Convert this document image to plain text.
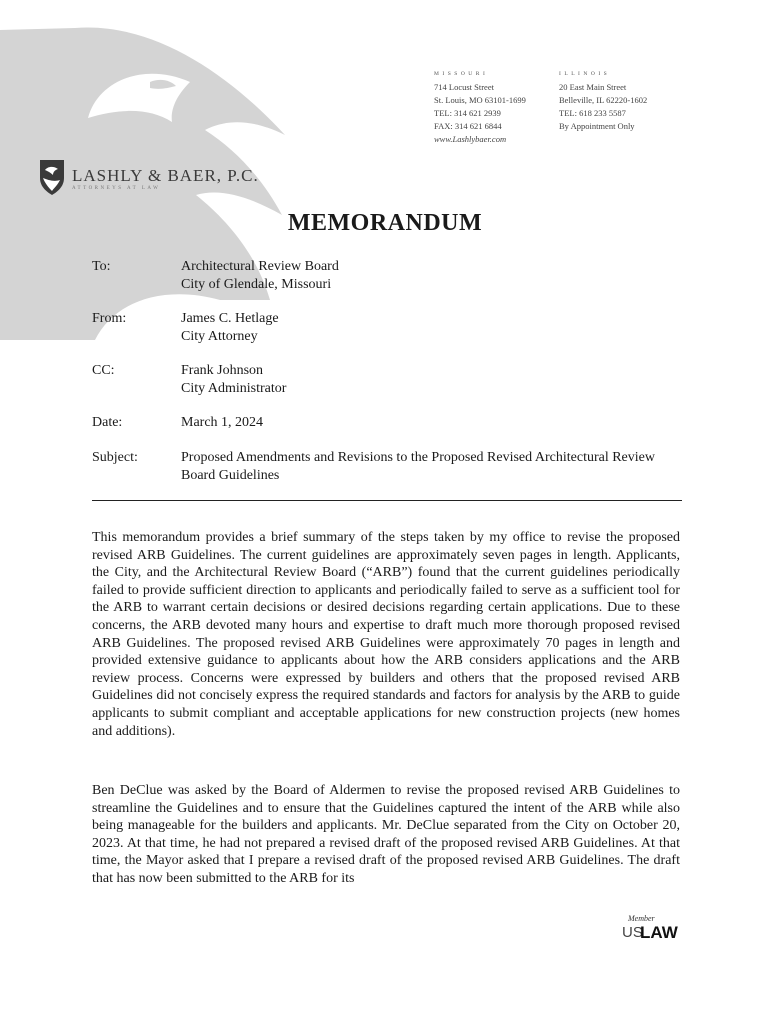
LASHLY & BAER, P.C.
ATTORNEYS AT LAW
MISSOURI
714 Locust Street
St. Louis, MO 63101-1699
TEL: 314 621 2939
FAX: 314 621 6844
www.Lashlybaer.com
ILLINOIS
20 East Main Street
Belleville, IL 62220-1602
TEL: 618 233 5587
By Appointment Only
MEMORANDUM
To:	Architectural Review Board
City of Glendale, Missouri
From:	James C. Hetlage
City Attorney
CC:	Frank Johnson
City Administrator
Date:	March 1, 2024
Subject:	Proposed Amendments and Revisions to the Proposed Revised Architectural Review Board Guidelines

This memorandum provides a brief summary of the steps taken by my office to revise the proposed revised ARB Guidelines. The current guidelines are approximately seven pages in length. Applicants, the City, and the Architectural Review Board (“ARB”) found that the current guidelines periodically failed to provide sufficient direction to applicants and periodically failed to serve as a sufficient tool for the ARB to warrant certain decisions or desired decisions regarding certain applications. Due to these concerns, the ARB devoted many hours and expertise to draft much more thorough proposed revised ARB Guidelines. The proposed revised ARB Guidelines were approximately 70 pages in length and provided extensive guidance to applicants about how the ARB considers applications and the ARB review process. Concerns were expressed by builders and others that the proposed revised ARB Guidelines did not concisely express the required standards and factors for analysis by the ARB to guide applicants to submit compliant and acceptable applications for new construction projects (new homes and additions).

Ben DeClue was asked by the Board of Aldermen to revise the proposed revised ARB Guidelines to streamline the Guidelines and to ensure that the Guidelines captured the intent of the ARB while also being manageable for the builders and applicants. Mr. DeClue separated from the City on October 20, 2023. At that time, he had not prepared a revised draft of the proposed revised ARB Guidelines. At that time, the Mayor asked that I prepare a revised draft of the proposed revised ARB Guidelines. The draft that has now been submitted to the ARB for its

Member
US
LAW
